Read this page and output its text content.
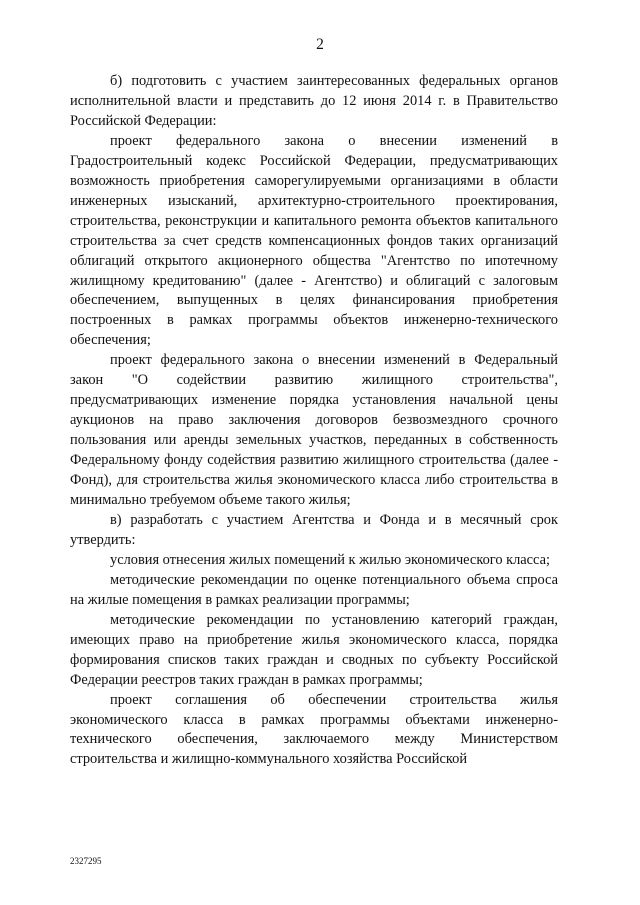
2

б) подготовить с участием заинтересованных федеральных органов исполнительной власти и представить до 12 июня 2014 г. в Правительство Российской Федерации:

проект федерального закона о внесении изменений в Градостроительный кодекс Российской Федерации, предусматривающих возможность приобретения саморегулируемыми организациями в области инженерных изысканий, архитектурно-строительного проектирования, строительства, реконструкции и капитального ремонта объектов капитального строительства за счет средств компенсационных фондов таких организаций облигаций открытого акционерного общества "Агентство по ипотечному жилищному кредитованию" (далее - Агентство) и облигаций с залоговым обеспечением, выпущенных в целях финансирования приобретения построенных в рамках программы объектов инженерно-технического обеспечения;

проект федерального закона о внесении изменений в Федеральный закон "О содействии развитию жилищного строительства", предусматривающих изменение порядка установления начальной цены аукционов на право заключения договоров безвозмездного срочного пользования или аренды земельных участков, переданных в собственность Федеральному фонду содействия развитию жилищного строительства (далее - Фонд), для строительства жилья экономического класса либо строительства в минимально требуемом объеме такого жилья;

в) разработать с участием Агентства и Фонда и в месячный срок утвердить:

условия отнесения жилых помещений к жилью экономического класса;

методические рекомендации по оценке потенциального объема спроса на жилые помещения в рамках реализации программы;

методические рекомендации по установлению категорий граждан, имеющих право на приобретение жилья экономического класса, порядка формирования списков таких граждан и сводных по субъекту Российской Федерации реестров таких граждан в рамках программы;

проект соглашения об обеспечении строительства жилья экономического класса в рамках программы объектами инженерно-технического обеспечения, заключаемого между Министерством строительства и жилищно-коммунального хозяйства Российской

2327295
